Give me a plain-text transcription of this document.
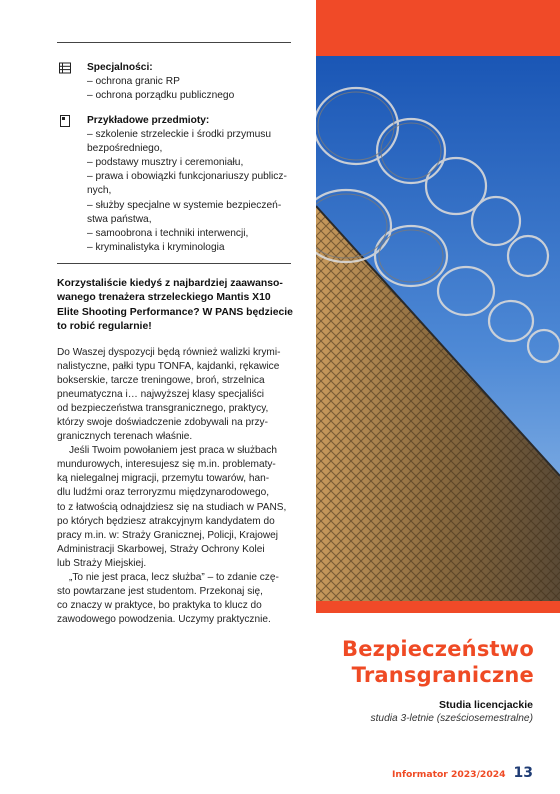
Specjalności:
– ochrona granic RP
– ochrona porządku publicznego
Przykładowe przedmioty:
– szkolenie strzeleckie i środki przymusu
bezpośredniego,
– podstawy musztry i ceremoniału,
– prawa i obowiązki funkcjonariuszy publicz-
nych,
– służby specjalne w systemie bezpieczeń-
stwa państwa,
– samoobrona i techniki interwencji,
– kryminalistyka i kryminologia
Korzystaliście kiedyś z najbardziej zaawanso-
wanego trenażera strzeleckiego Mantis X10
Elite Shooting Performance? W PANS będziecie
to robić regularnie!
Do Waszej dyspozycji będą również walizki krymi-
nalistyczne, pałki typu TONFA, kajdanki, rękawice
bokserskie, tarcze treningowe, broń, strzelnica
pneumatyczna i… najwyższej klasy specjaliści
od bezpieczeństwa transgranicznego, praktycy,
którzy swoje doświadczenie zdobywali na przy-
granicznych terenach właśnie.
Jeśli Twoim powołaniem jest praca w służbach
mundurowych, interesujesz się m.in. problematy-
ką nielegalnej migracji, przemytu towarów, han-
dlu ludźmi oraz terroryzmu międzynarodowego,
to z łatwością odnajdziesz się na studiach w PANS,
po których będziesz atrakcyjnym kandydatem do
pracy m.in. w: Straży Granicznej, Policji, Krajowej
Administracji Skarbowej, Straży Ochrony Kolei
lub Straży Miejskiej.
„To nie jest praca, lecz służba” – to zdanie czę-
sto powtarzane jest studentom. Przekonaj się,
co znaczy w praktyce, bo praktyka to klucz do
zawodowego powodzenia. Uczymy praktycznie.
Bezpieczeństwo
Transgraniczne
Studia licencjackie
studia 3-letnie (sześciosemestralne)
Informator 2023/2024 13
